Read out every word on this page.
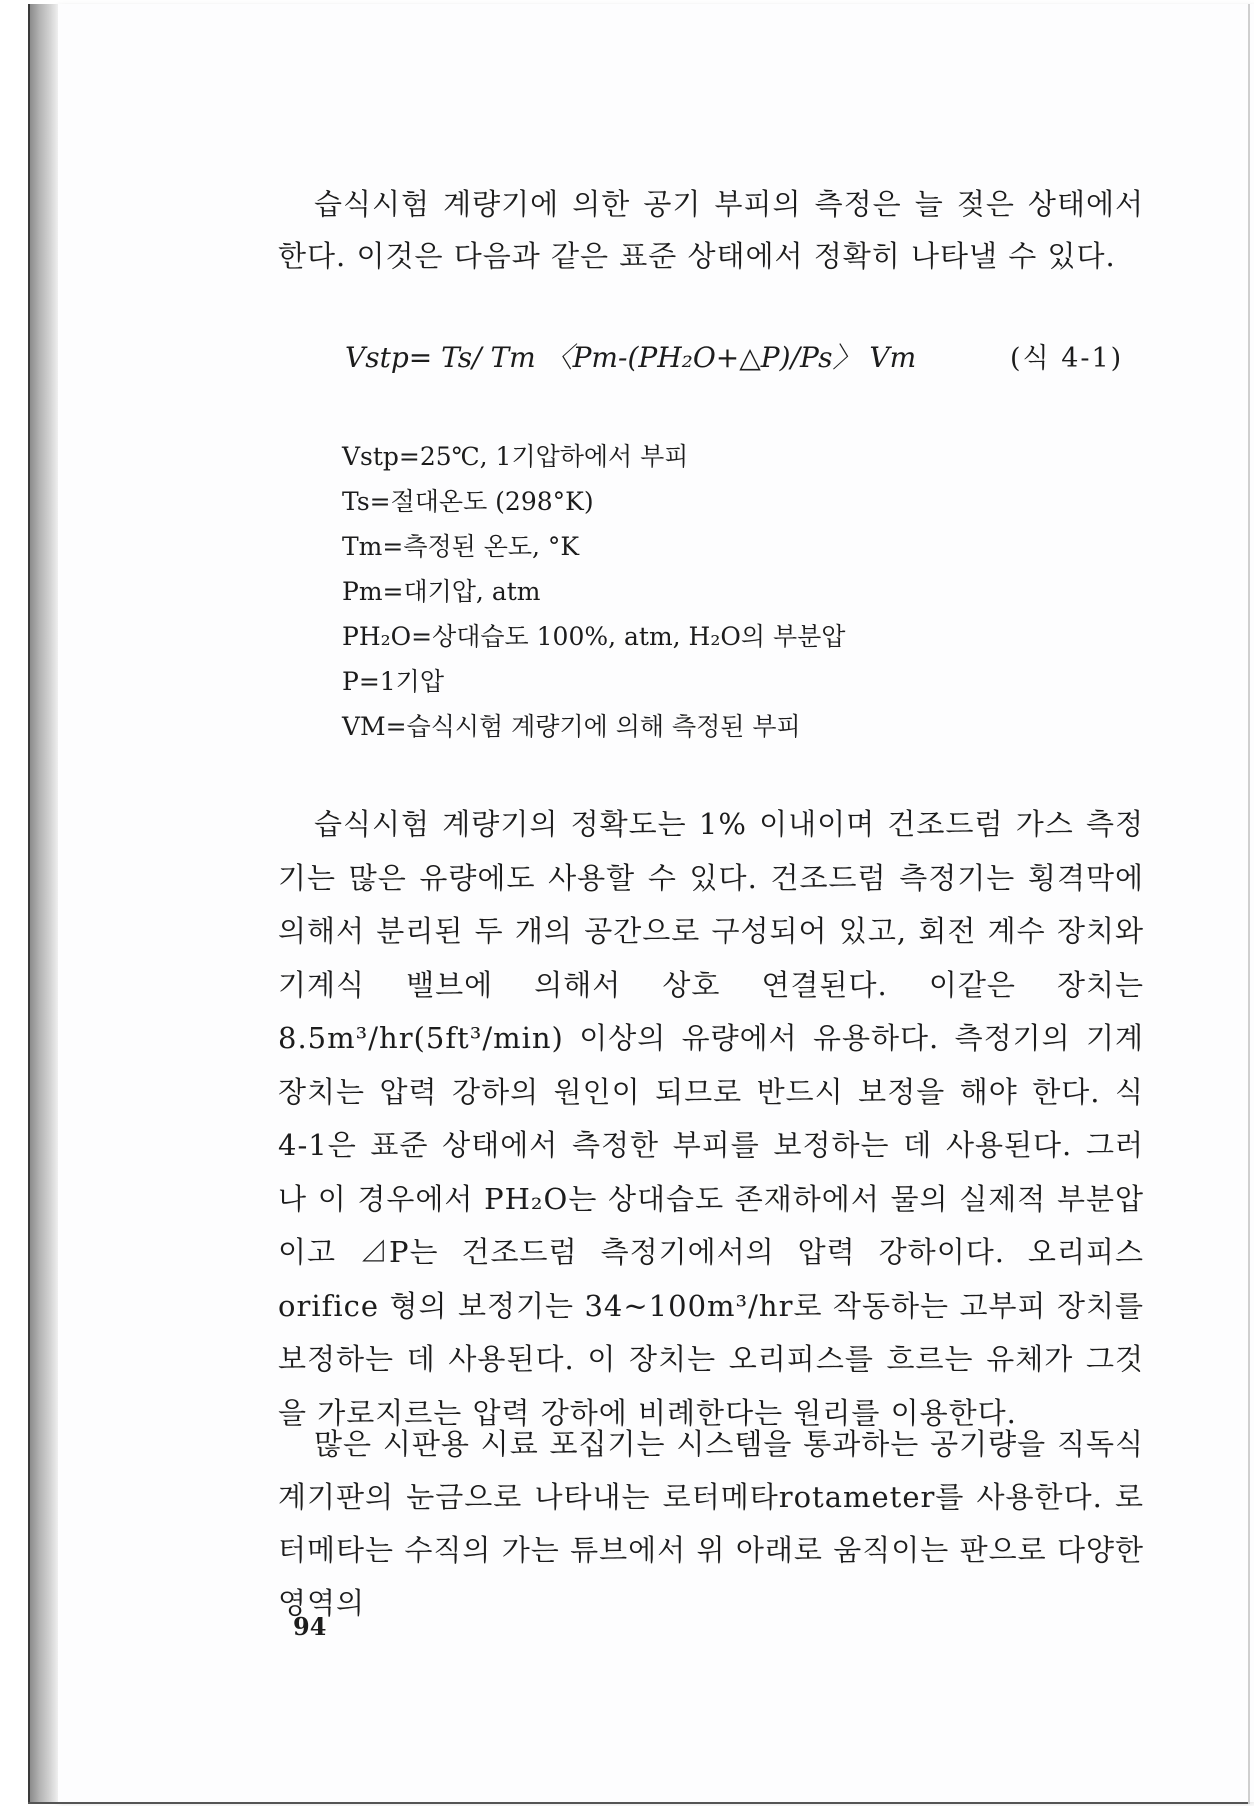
습식시험 계량기에 의한 공기 부피의 측정은 늘 젖은 상태에서 한다. 이것은 다음과 같은 표준 상태에서 정확히 나타낼 수 있다.

Vstp= Ts/ Tm 〈Pm-(PH₂O+△P)/Ps〉 Vm	(식 4-1)
Vstp=25℃, 1기압하에서 부피
Ts=절대온도 (298°K)
Tm=측정된 온도, °K
Pm=대기압, atm
PH₂O=상대습도 100%, atm, H₂O의 부분압
P=1기압
VM=습식시험 계량기에 의해 측정된 부피

습식시험 계량기의 정확도는 1% 이내이며 건조드럼 가스 측정기는 많은 유량에도 사용할 수 있다. 건조드럼 측정기는 횡격막에 의해서 분리된 두 개의 공간으로 구성되어 있고, 회전 계수 장치와 기계식 밸브에 의해서 상호 연결된다. 이같은 장치는 8.5m³/hr(5ft³/min) 이상의 유량에서 유용하다. 측정기의 기계 장치는 압력 강하의 원인이 되므로 반드시 보정을 해야 한다. 식 4-1은 표준 상태에서 측정한 부피를 보정하는 데 사용된다. 그러나 이 경우에서 PH₂O는 상대습도 존재하에서 물의 실제적 부분압이고 ⊿P는 건조드럼 측정기에서의 압력 강하이다. 오리피스orifice 형의 보정기는 34~100m³/hr로 작동하는 고부피 장치를 보정하는 데 사용된다. 이 장치는 오리피스를 흐르는 유체가 그것을 가로지르는 압력 강하에 비례한다는 원리를 이용한다.

많은 시판용 시료 포집기는 시스템을 통과하는 공기량을 직독식 계기판의 눈금으로 나타내는 로터메타rotameter를 사용한다. 로터메타는 수직의 가는 튜브에서 위 아래로 움직이는 판으로 다양한 영역의

94
